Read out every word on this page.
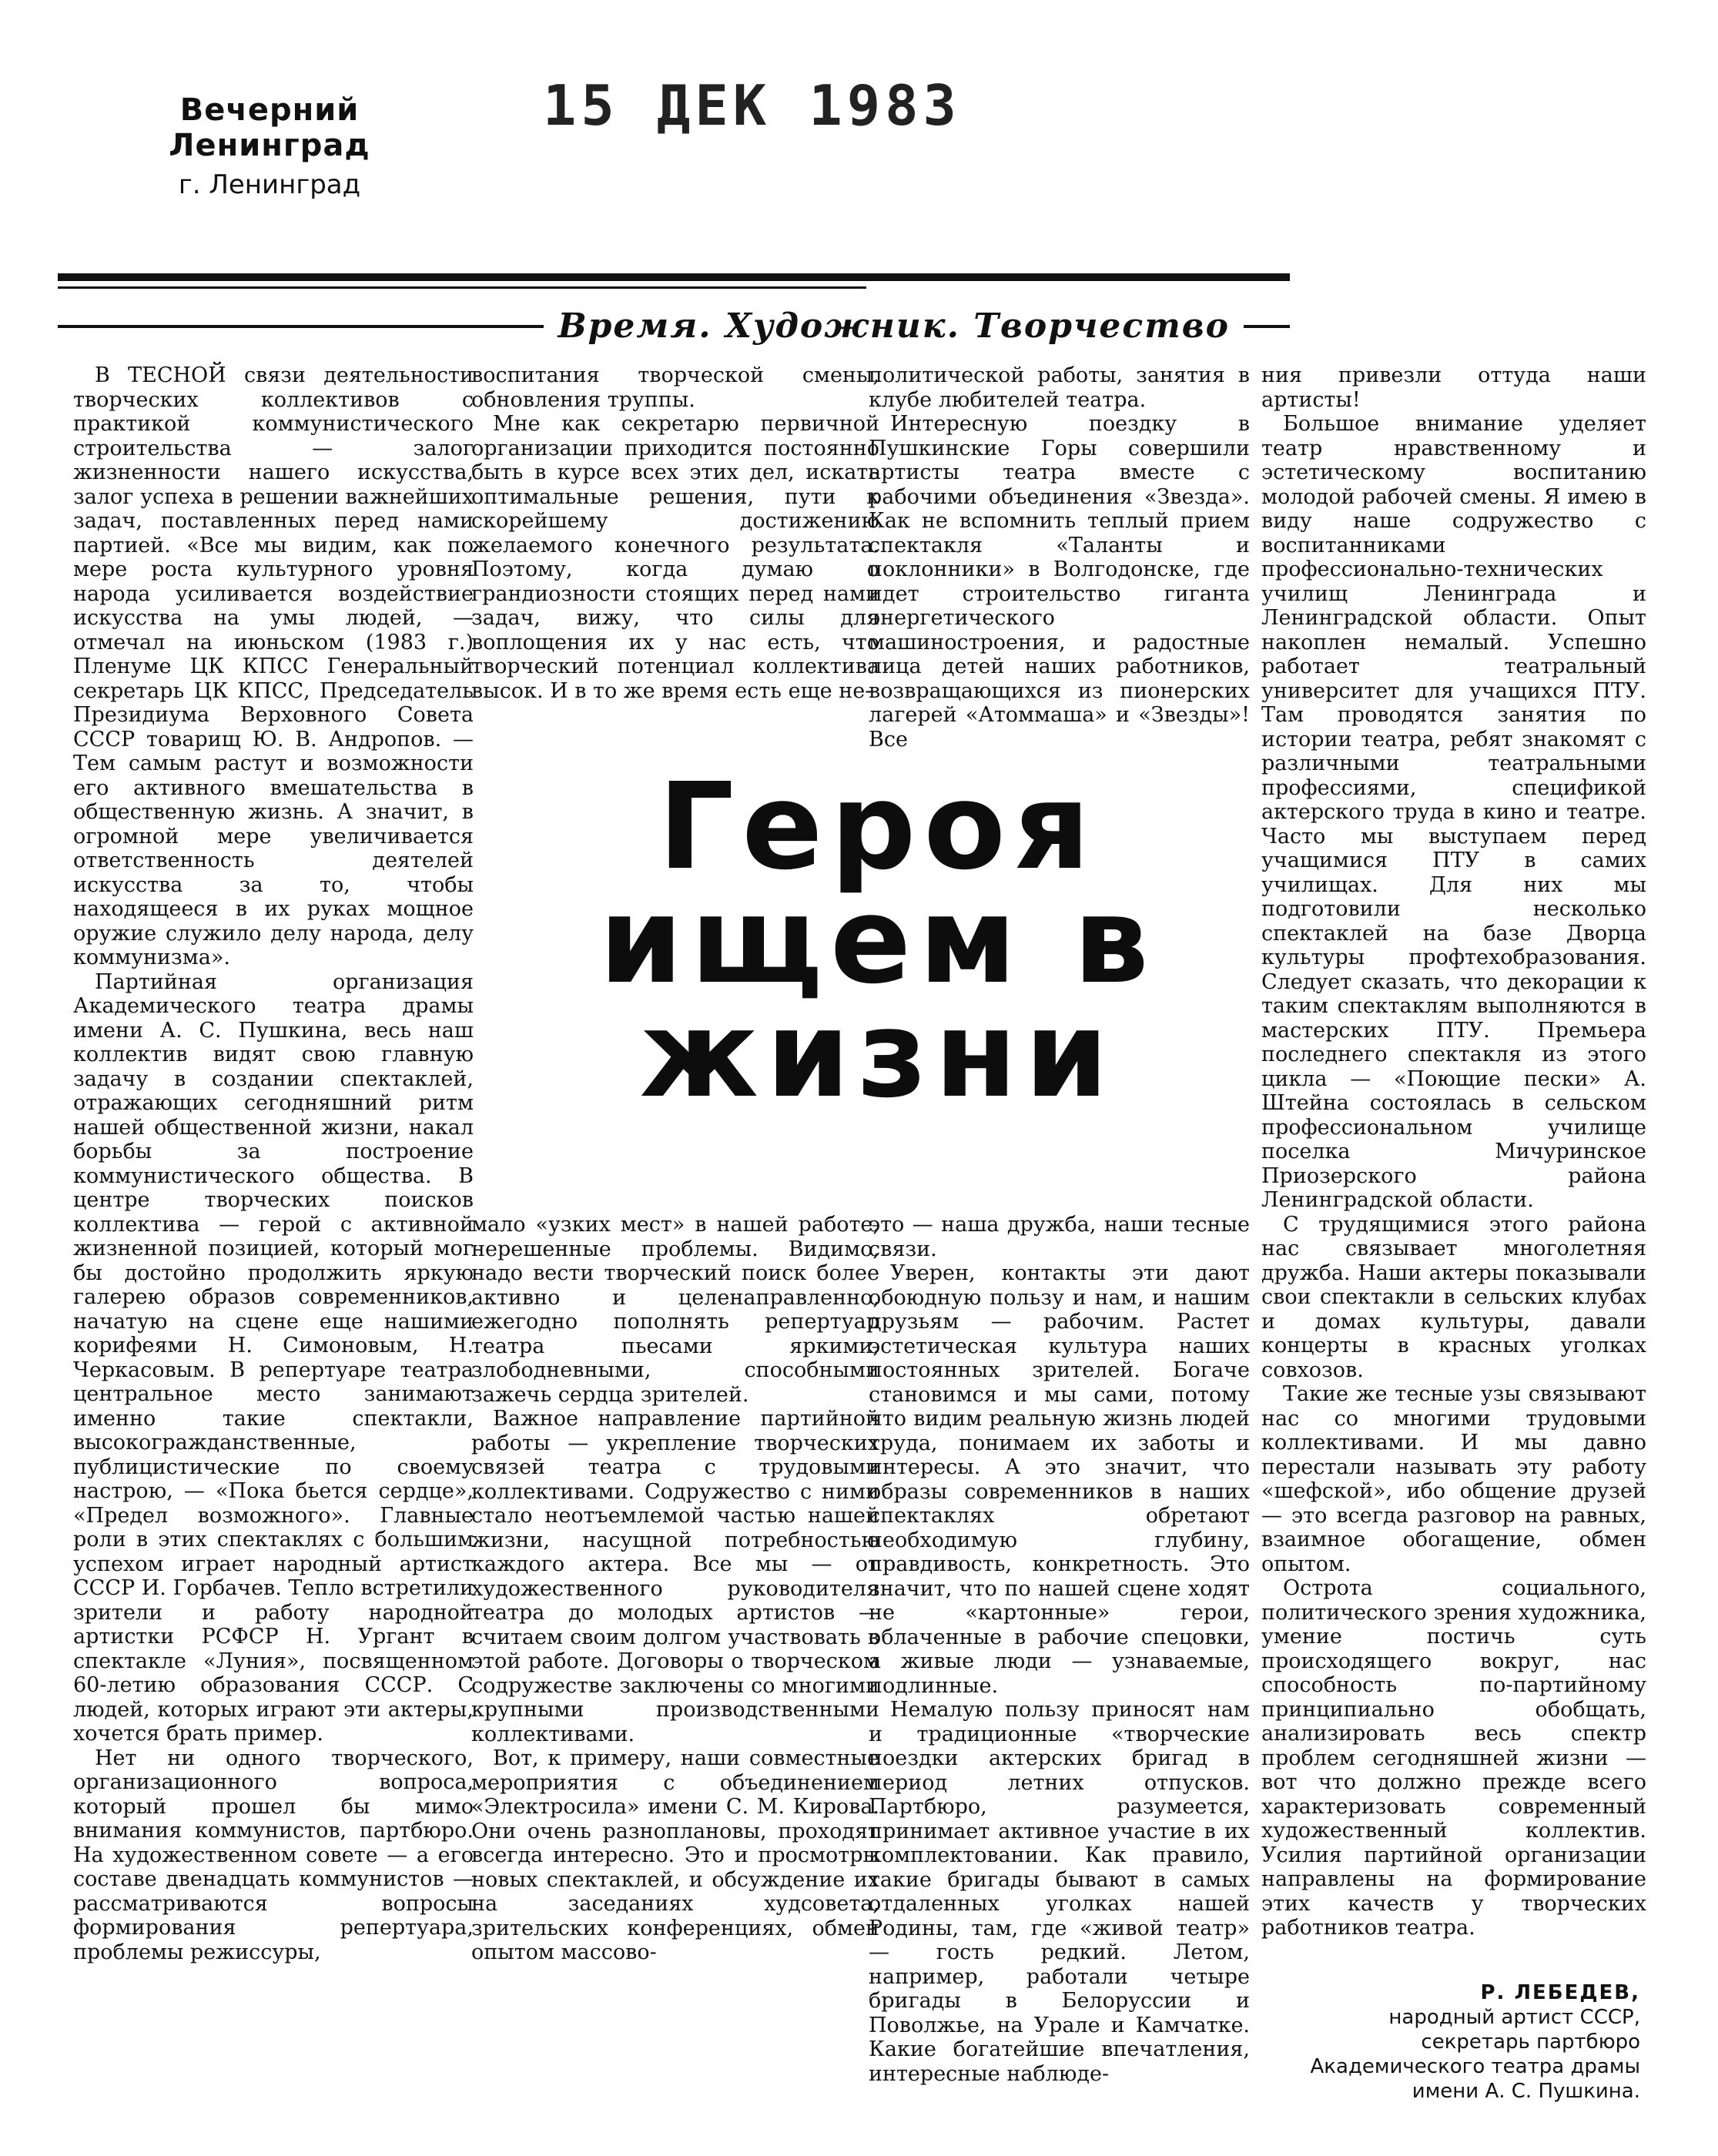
Вечерний Ленинград
г. Ленинград
15 ДЕК 1983
Время. Художник. Творчество

В ТЕСНОЙ связи деятельности творческих коллективов с практикой коммунистического строительства — залог жизненности нашего искусства, залог успеха в решении важнейших задач, поставленных перед нами партией. «Все мы видим, как по мере роста культурного уровня народа усиливается воздействие искусства на умы людей, — отмечал на июньском (1983 г.) Пленуме ЦК КПСС Генеральный секретарь ЦК КПСС, Председатель Президиума Верховного Совета СССР товарищ Ю. В. Андропов. — Тем самым растут и возможности его активного вмешательства в общественную жизнь. А значит, в огромной мере увеличивается ответственность деятелей искусства за то, чтобы находящееся в их руках мощное оружие служило делу народа, делу коммунизма».

Партийная организация Академического театра драмы имени А. С. Пушкина, весь наш коллектив видят свою главную задачу в создании спектаклей, отражающих сегодняшний ритм нашей общественной жизни, накал борьбы за построение коммунистического общества. В центре творческих поисков коллектива — герой с активной жизненной позицией, который мог бы достойно продолжить яркую галерею образов современников, начатую на сцене еще нашими корифеями Н. Симоновым, Н. Черкасовым. В репертуаре театра центральное место занимают именно такие спектакли, высокогражданственные, публицистические по своему настрою, — «Пока бьется сердце», «Предел возможного». Главные роли в этих спектаклях с большим успехом играет народный артист СССР И. Горбачев. Тепло встретили зрители и работу народной артистки РСФСР Н. Ургант в спектакле «Луния», посвященном 60-летию образования СССР. С людей, которых играют эти актеры, хочется брать пример.

Нет ни одного творческого, организационного вопроса, который прошел бы мимо внимания коммунистов, партбюро. На художественном совете — а его составе двенадцать коммунистов — рассматриваются вопросы формирования репертуара, проблемы режиссуры,

воспитания творческой смены, обновления труппы.

Мне как секретарю первичной организации приходится постоянно быть в курсе всех этих дел, искать оптимальные решения, пути к скорейшему достижению желаемого конечного результата. Поэтому, когда думаю о грандиозности стоящих перед нами задач, вижу, что силы для воплощения их у нас есть, что творческий потенциал коллектива высок. И в то же время есть еще не-

политической работы, занятия в клубе любителей театра.

Интересную поездку в Пушкинские Горы совершили артисты театра вместе с рабочими объединения «Звезда». Как не вспомнить теплый прием спектакля «Таланты и поклонники» в Волгодонске, где идет строительство гиганта энергетического машиностроения, и радостные лица детей наших работников, возвращающихся из пионерских лагерей «Атоммаша» и «Звезды»! Все

Героя ищем в жизни

мало «узких мест» в нашей работе, нерешенные проблемы. Видимо, надо вести творческий поиск более активно и целенаправленно, ежегодно пополнять репертуар театра пьесами яркими, злободневными, способными зажечь сердца зрителей.

Важное направление партийной работы — укрепление творческих связей театра с трудовыми коллективами. Содружество с ними стало неотъемлемой частью нашей жизни, насущной потребностью каждого актера. Все мы — от художественного руководителя театра до молодых артистов — считаем своим долгом участвовать в этой работе. Договоры о творческом содружестве заключены со многими крупными производственными коллективами.

Вот, к примеру, наши совместные мероприятия с объединением «Электросила» имени С. М. Кирова. Они очень разноплановы, проходят всегда интересно. Это и просмотры новых спектаклей, и обсуждение их на заседаниях худсовета, зрительских конференциях, обмен опытом массово-

это — наша дружба, наши тесные связи.

Уверен, контакты эти дают обоюдную пользу и нам, и нашим друзьям — рабочим. Растет эстетическая культура наших постоянных зрителей. Богаче становимся и мы сами, потому что видим реальную жизнь людей труда, понимаем их заботы и интересы. А это значит, что образы современников в наших спектаклях обретают необходимую глубину, правдивость, конкретность. Это значит, что по нашей сцене ходят не «картонные» герои, облаченные в рабочие спецовки, а живые люди — узнаваемые, подлинные.

Немалую пользу приносят нам и традиционные «творческие поездки актерских бригад в период летних отпусков. Партбюро, разумеется, принимает активное участие в их комплектовании. Как правило, такие бригады бывают в самых отдаленных уголках нашей Родины, там, где «живой театр» — гость редкий. Летом, например, работали четыре бригады в Белоруссии и Поволжье, на Урале и Камчатке. Какие богатейшие впечатления, интересные наблюде-

ния привезли оттуда наши артисты!

Большое внимание уделяет театр нравственному и эстетическому воспитанию молодой рабочей смены. Я имею в виду наше содружество с воспитанниками профессионально-технических училищ Ленинграда и Ленинградской области. Опыт накоплен немалый. Успешно работает театральный университет для учащихся ПТУ. Там проводятся занятия по истории театра, ребят знакомят с различными театральными профессиями, спецификой актерского труда в кино и театре. Часто мы выступаем перед учащимися ПТУ в самих училищах. Для них мы подготовили несколько спектаклей на базе Дворца культуры профтехобразования. Следует сказать, что декорации к таким спектаклям выполняются в мастерских ПТУ. Премьера последнего спектакля из этого цикла — «Поющие пески» А. Штейна состоялась в сельском профессиональном училище поселка Мичуринское Приозерского района Ленинградской области.

С трудящимися этого района нас связывает многолетняя дружба. Наши актеры показывали свои спектакли в сельских клубах и домах культуры, давали концерты в красных уголках совхозов.

Такие же тесные узы связывают нас со многими трудовыми коллективами. И мы давно перестали называть эту работу «шефской», ибо общение друзей — это всегда разговор на равных, взаимное обогащение, обмен опытом.

Острота социального, политического зрения художника, умение постичь суть происходящего вокруг, нас способность по-партийному принципиально обобщать, анализировать весь спектр проблем сегодняшней жизни — вот что должно прежде всего характеризовать современный художественный коллектив. Усилия партийной организации направлены на формирование этих качеств у творческих работников театра.

Р. ЛЕБЕДЕВ,
народный артист СССР, секретарь партбюро Академического театра драмы имени А. С. Пушкина.
